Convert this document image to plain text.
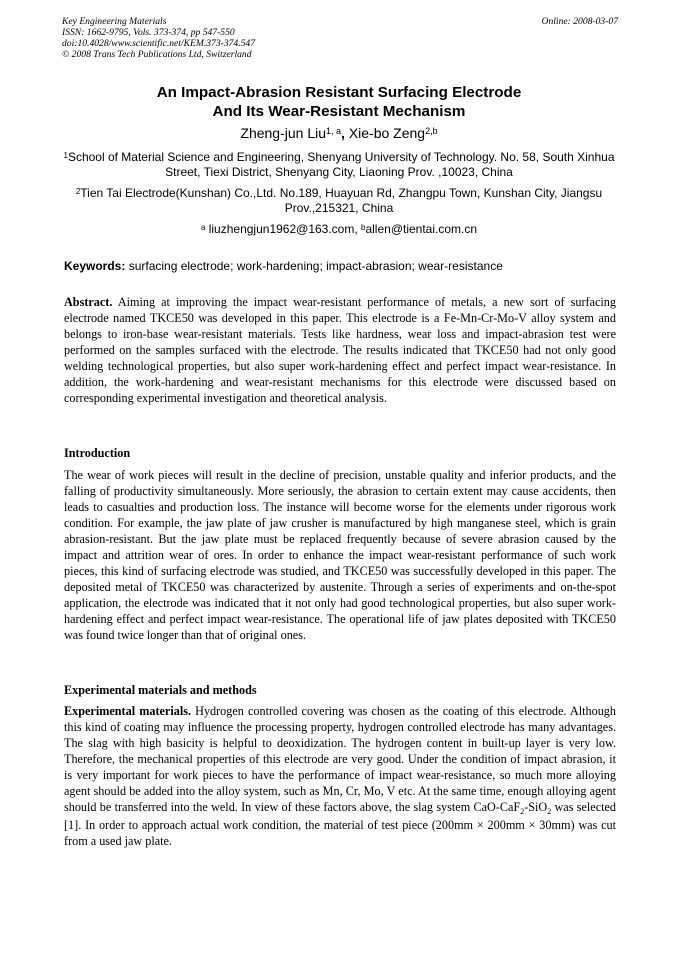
Key Engineering Materials
ISSN: 1662-9795, Vols. 373-374, pp 547-550
doi:10.4028/www.scientific.net/KEM.373-374.547
© 2008 Trans Tech Publications Ltd, Switzerland
Online: 2008-03-07
An Impact-Abrasion Resistant Surfacing Electrode
And Its Wear-Resistant Mechanism
Zheng-jun Liu$^{1, a}$, Xie-bo Zeng$^{2,b}$
$^1$School of Material Science and Engineering, Shenyang University of Technology. No. 58, South Xinhua Street, Tiexi District, Shenyang City, Liaoning Prov. ,10023, China
$^2$Tien Tai Electrode(Kunshan) Co.,Ltd. No.189, Huayuan Rd, Zhangpu Town, Kunshan City, Jiangsu Prov.,215321, China
$^a$ liuzhengjun1962@163.com, $^b$allen@tientai.com.cn
Keywords: surfacing electrode; work-hardening; impact-abrasion; wear-resistance
Abstract. Aiming at improving the impact wear-resistant performance of metals, a new sort of surfacing electrode named TKCE50 was developed in this paper. This electrode is a Fe-Mn-Cr-Mo-V alloy system and belongs to iron-base wear-resistant materials. Tests like hardness, wear loss and impact-abrasion test were performed on the samples surfaced with the electrode. The results indicated that TKCE50 had not only good welding technological properties, but also super work-hardening effect and perfect impact wear-resistance. In addition, the work-hardening and wear-resistant mechanisms for this electrode were discussed based on corresponding experimental investigation and theoretical analysis.
Introduction
The wear of work pieces will result in the decline of precision, unstable quality and inferior products, and the falling of productivity simultaneously. More seriously, the abrasion to certain extent may cause accidents, then leads to casualties and production loss. The instance will become worse for the elements under rigorous work condition. For example, the jaw plate of jaw crusher is manufactured by high manganese steel, which is grain abrasion-resistant. But the jaw plate must be replaced frequently because of severe abrasion caused by the impact and attrition wear of ores. In order to enhance the impact wear-resistant performance of such work pieces, this kind of surfacing electrode was studied, and TKCE50 was successfully developed in this paper. The deposited metal of TKCE50 was characterized by austenite. Through a series of experiments and on-the-spot application, the electrode was indicated that it not only had good technological properties, but also super work-hardening effect and perfect impact wear-resistance. The operational life of jaw plates deposited with TKCE50 was found twice longer than that of original ones.
Experimental materials and methods
Experimental materials. Hydrogen controlled covering was chosen as the coating of this electrode. Although this kind of coating may influence the processing property, hydrogen controlled electrode has many advantages. The slag with high basicity is helpful to deoxidization. The hydrogen content in built-up layer is very low. Therefore, the mechanical properties of this electrode are very good. Under the condition of impact abrasion, it is very important for work pieces to have the performance of impact wear-resistance, so much more alloying agent should be added into the alloy system, such as Mn, Cr, Mo, V etc. At the same time, enough alloying agent should be transferred into the weld. In view of these factors above, the slag system CaO-CaF$_2$-SiO$_2$ was selected [1]. In order to approach actual work condition, the material of test piece (200mm × 200mm × 30mm) was cut from a used jaw plate.
